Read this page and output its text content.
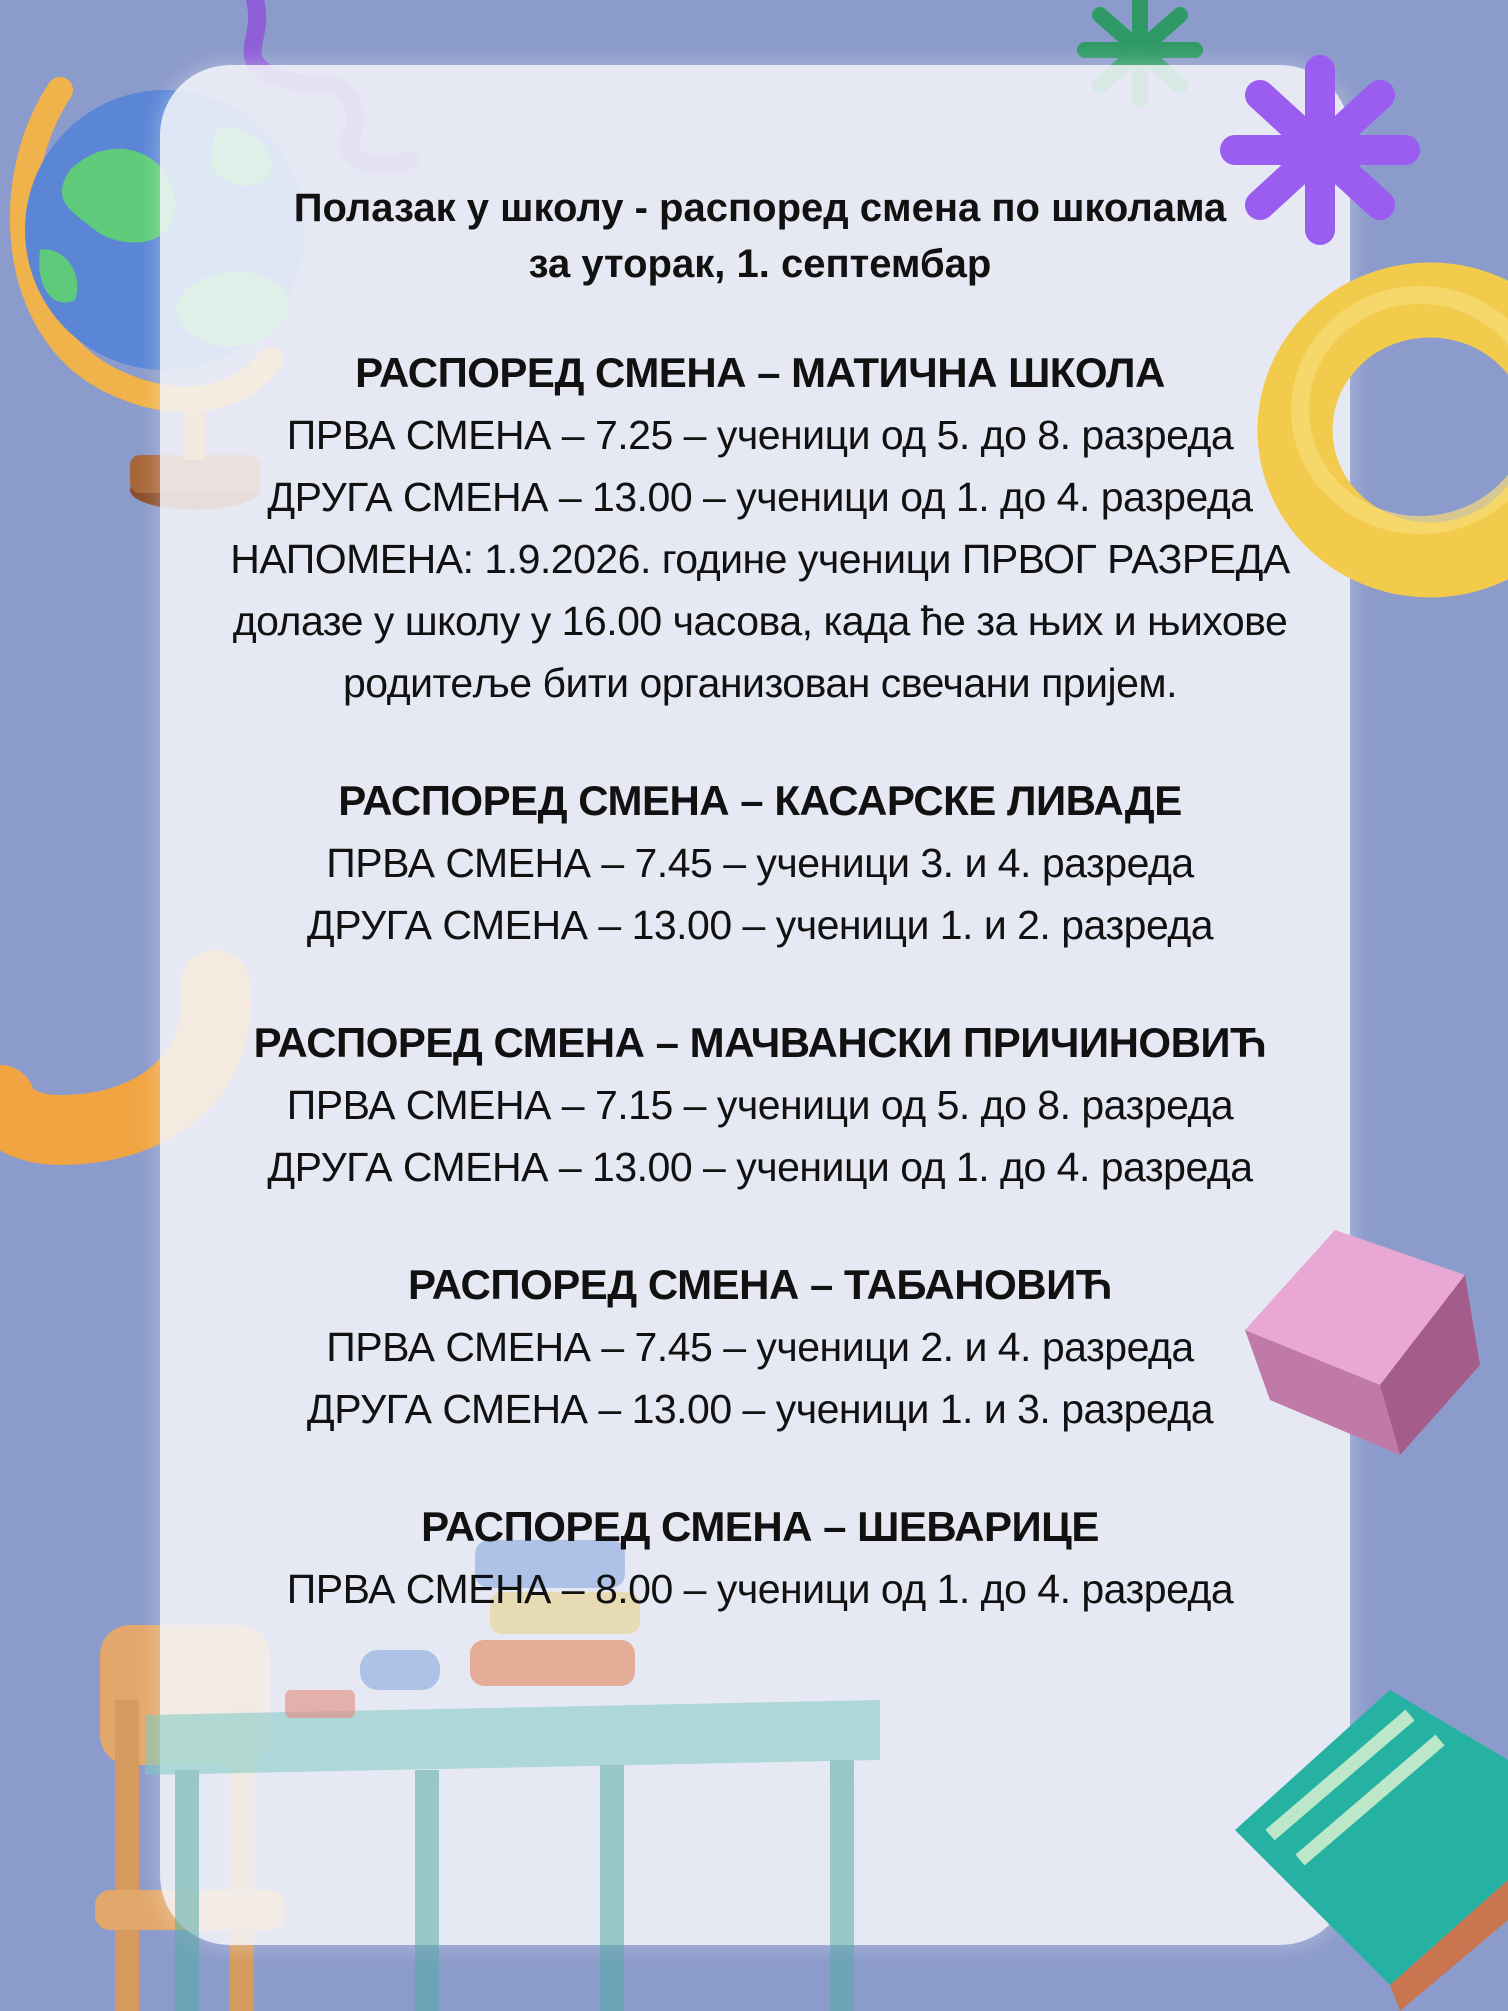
Полазак у школу - распоред смена по школама

за уторак, 1. септембар

РАСПОРЕД СМЕНА – МАТИЧНА ШКОЛА

ПРВА СМЕНА – 7.25 – ученици од 5. до 8. разреда

ДРУГА СМЕНА – 13.00 – ученици од 1. до 4. разреда

НАПОМЕНА: 1.9.2026. године ученици ПРВОГ РАЗРЕДА долазе у школу у 16.00 часова, када ће за њих и њихове родитеље бити организован свечани пријем.

РАСПОРЕД СМЕНА – КАСАРСКЕ ЛИВАДЕ

ПРВА СМЕНА – 7.45 – ученици 3. и 4. разреда

ДРУГА СМЕНА – 13.00 – ученици 1. и 2. разреда

РАСПОРЕД СМЕНА – МАЧВАНСКИ ПРИЧИНОВИЋ

ПРВА СМЕНА – 7.15 – ученици од 5. до 8. разреда

ДРУГА СМЕНА – 13.00 – ученици од 1. до 4. разреда

РАСПОРЕД СМЕНА – ТАБАНОВИЋ

ПРВА СМЕНА – 7.45 – ученици 2. и 4. разреда

ДРУГА СМЕНА – 13.00 – ученици 1. и 3. разреда

РАСПОРЕД СМЕНА – ШЕВАРИЦЕ

ПРВА СМЕНА – 8.00 – ученици од 1. до 4. разреда
